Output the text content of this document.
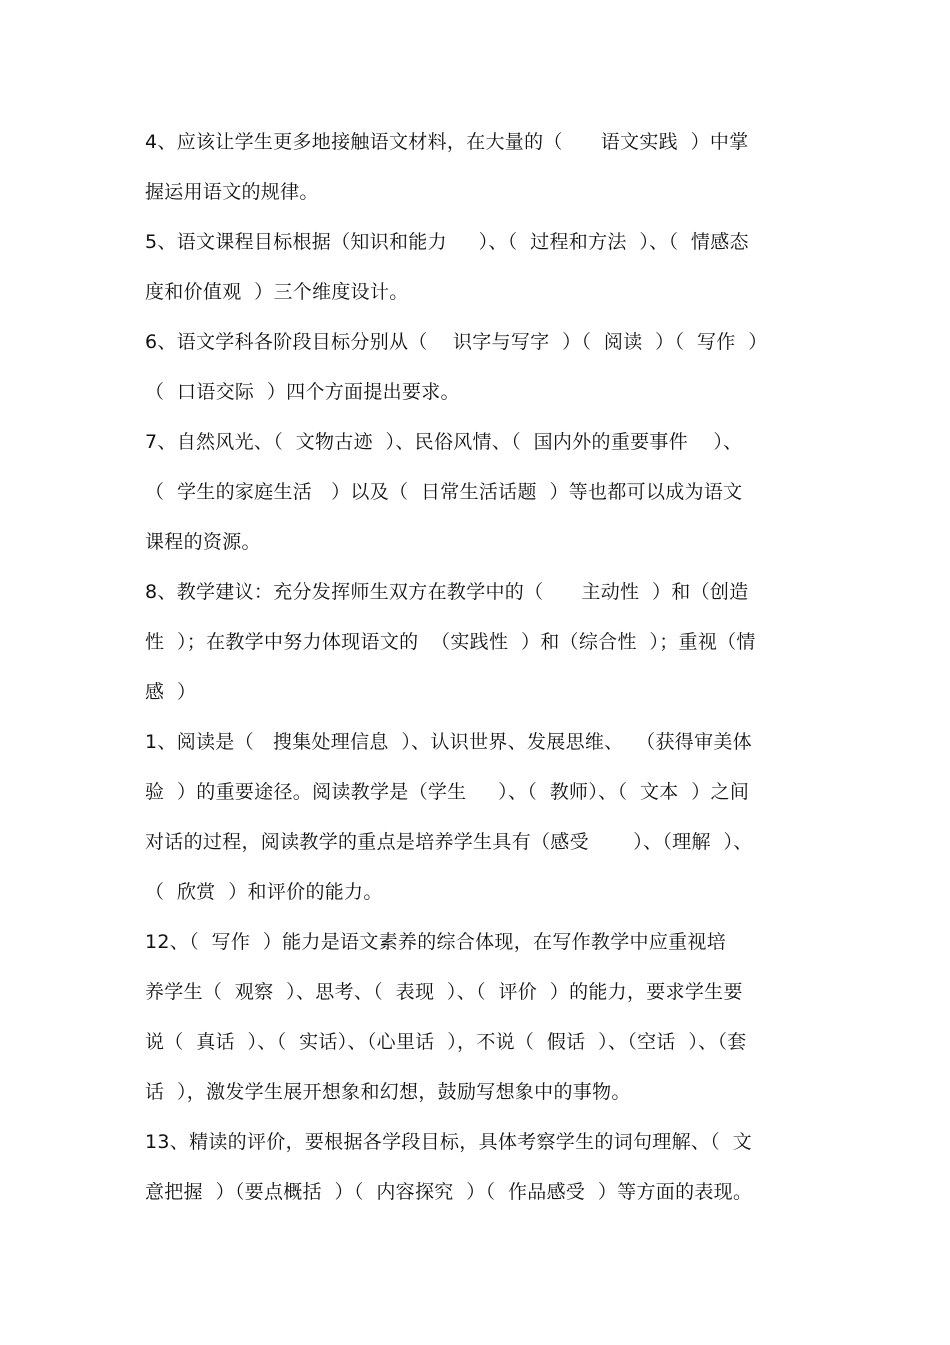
4、应该让学生更多地接触语文材料，在大量的（      语文实践  ）中掌
握运用语文的规律。
5、语文课程目标根据（知识和能力     ）、（  过程和方法  ）、（  情感态
度和价值观  ）三个维度设计。
6、语文学科各阶段目标分别从（    识字与写字  ）（  阅读  ）（  写作  ）
（  口语交际  ）四个方面提出要求。
7、自然风光、（  文物古迹  ）、民俗风情、（  国内外的重要事件    ）、
（  学生的家庭生活   ）以及（  日常生活话题  ）等也都可以成为语文
课程的资源。
8、教学建议：充分发挥师生双方在教学中的（      主动性  ）和（创造
性  ）；在教学中努力体现语文的  （实践性  ）和（综合性  ）；重视（情
感  ）
1、阅读是（   搜集处理信息  ）、认识世界、发展思维、  （获得审美体
验  ）的重要途径。阅读教学是（学生     ）、（  教师）、（  文本  ）之间
对话的过程，阅读教学的重点是培养学生具有（感受       ）、（理解  ）、
（  欣赏  ）和评价的能力。
12、（  写作  ）能力是语文素养的综合体现，在写作教学中应重视培
养学生（  观察  ）、思考、（  表现  ）、（  评价  ）的能力，要求学生要
说（  真话  ）、（  实话）、（心里话  ），不说（  假话  ）、（空话  ）、（套
话  ），激发学生展开想象和幻想，鼓励写想象中的事物。
13、精读的评价，要根据各学段目标，具体考察学生的词句理解、（  文
意把握  ）（要点概括  ）（  内容探究  ）（  作品感受  ）等方面的表现。
